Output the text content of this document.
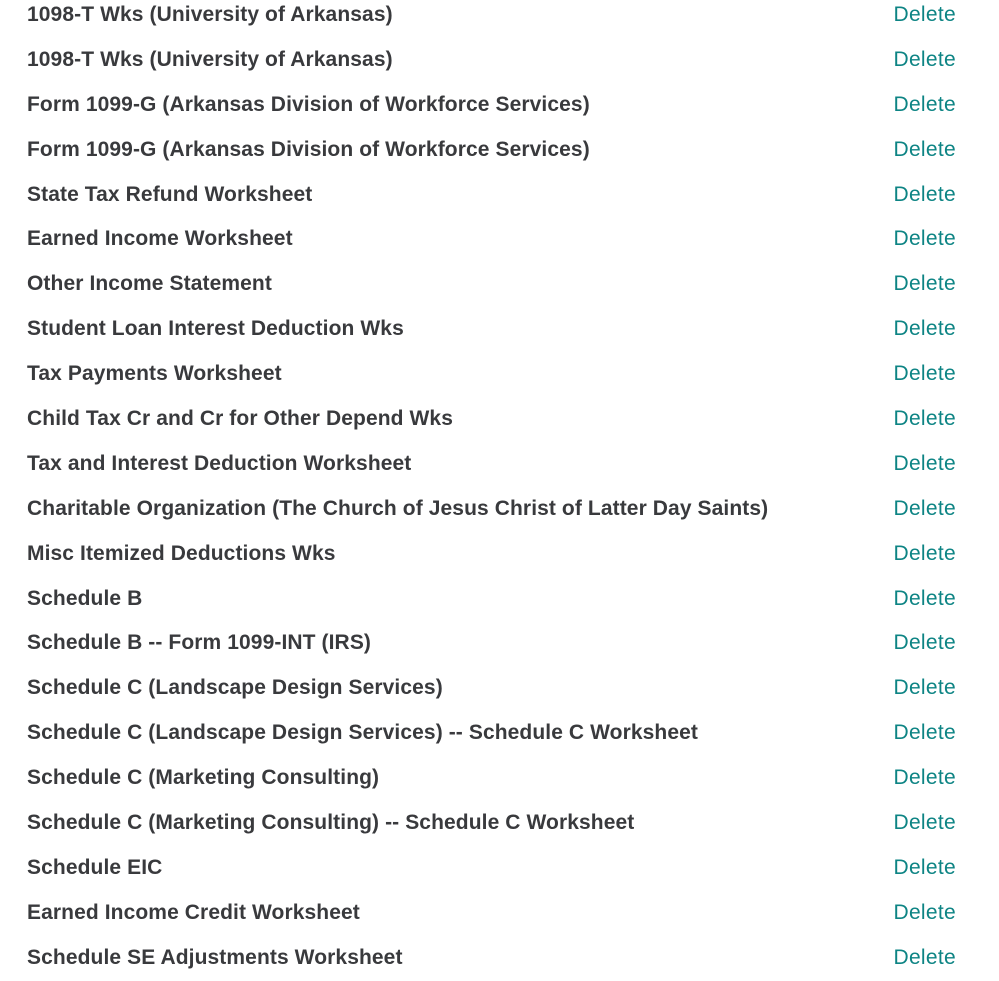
1098-T Wks (University of Arkansas)	Delete
1098-T Wks (University of Arkansas)	Delete
Form 1099-G (Arkansas Division of Workforce Services)	Delete
Form 1099-G (Arkansas Division of Workforce Services)	Delete
State Tax Refund Worksheet	Delete
Earned Income Worksheet	Delete
Other Income Statement	Delete
Student Loan Interest Deduction Wks	Delete
Tax Payments Worksheet	Delete
Child Tax Cr and Cr for Other Depend Wks	Delete
Tax and Interest Deduction Worksheet	Delete
Charitable Organization (The Church of Jesus Christ of Latter Day Saints)	Delete
Misc Itemized Deductions Wks	Delete
Schedule B	Delete
Schedule B -- Form 1099-INT (IRS)	Delete
Schedule C (Landscape Design Services)	Delete
Schedule C (Landscape Design Services) -- Schedule C Worksheet	Delete
Schedule C (Marketing Consulting)	Delete
Schedule C (Marketing Consulting) -- Schedule C Worksheet	Delete
Schedule EIC	Delete
Earned Income Credit Worksheet	Delete
Schedule SE Adjustments Worksheet	Delete
